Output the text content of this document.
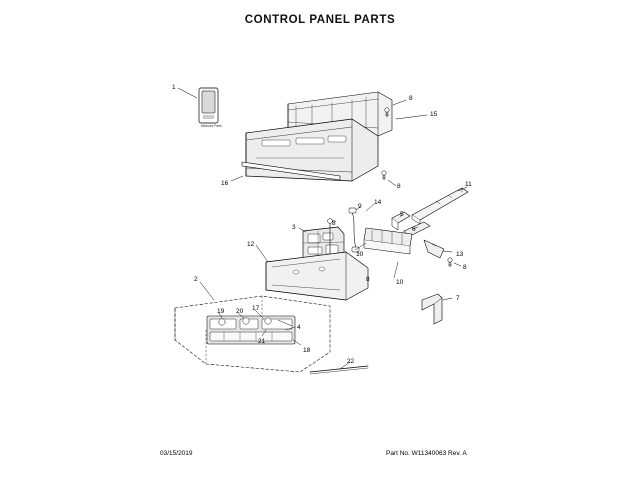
CONTROL PANEL PARTS
Measure Parts
1
8
15
16	8	11
9
14
5
3
8
6
13
12
10
8
10
8
2
7
19 20 17
4
21
18
22
03/15/2019	Part No. W11340063 Rev. A
